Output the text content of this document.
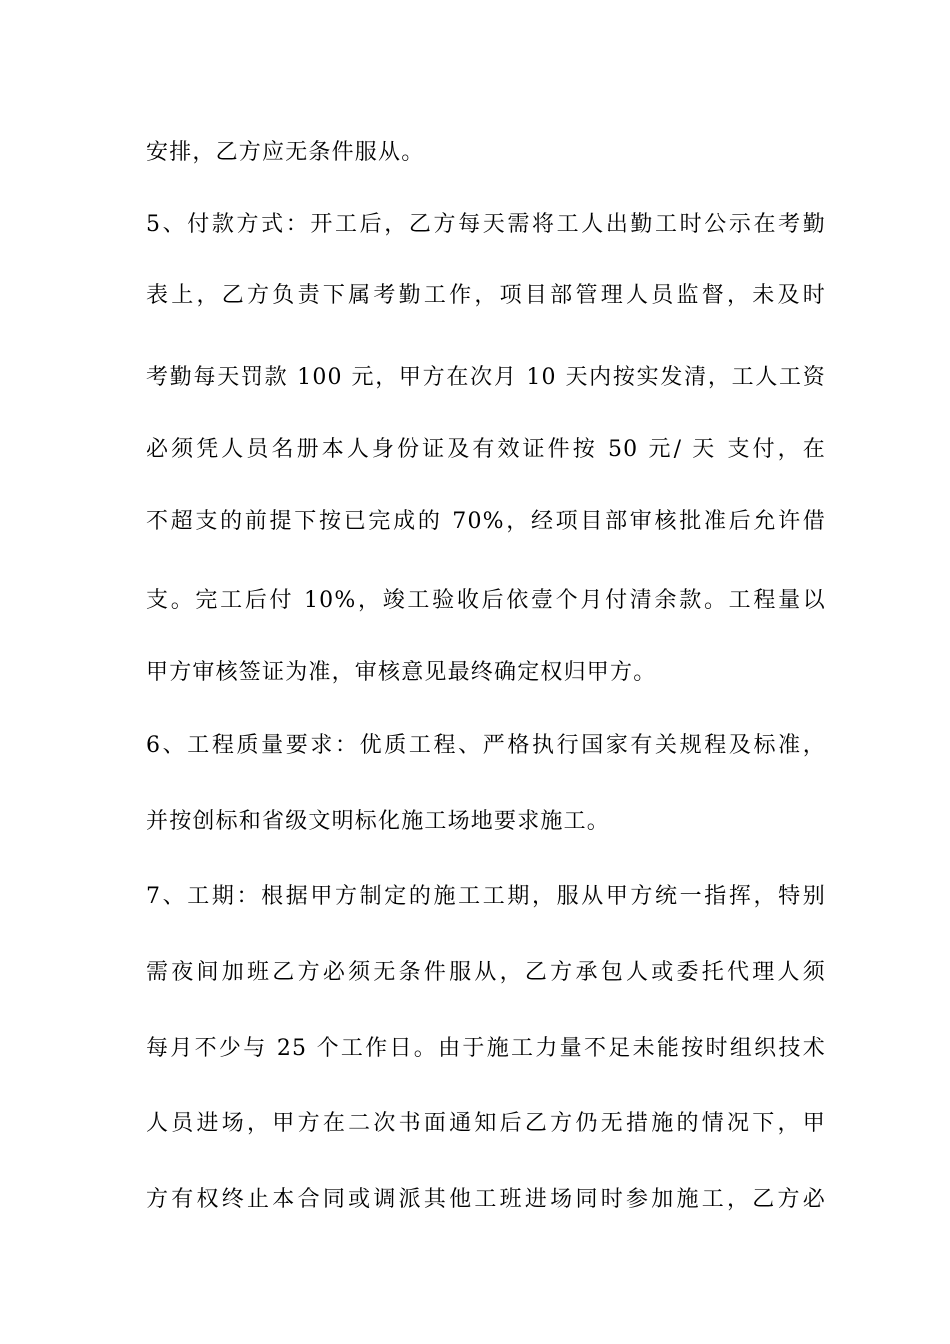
安排，乙方应无条件服从。
5、付款方式：开工后，乙方每天需将工人出勤工时公示在考勤
表上，乙方负责下属考勤工作，项目部管理人员监督，未及时
考勤每天罚款 100 元，甲方在次月 10 天内按实发清，工人工资
必须凭人员名册本人身份证及有效证件按 50 元/ 天 支付，在
不超支的前提下按已完成的 70%，经项目部审核批准后允许借
支。完工后付 10%，竣工验收后依壹个月付清余款。工程量以
甲方审核签证为准，审核意见最终确定权归甲方。
6、工程质量要求：优质工程、严格执行国家有关规程及标准，
并按创标和省级文明标化施工场地要求施工。
7、工期：根据甲方制定的施工工期，服从甲方统一指挥，特别
需夜间加班乙方必须无条件服从，乙方承包人或委托代理人须
每月不少与 25 个工作日。由于施工力量不足未能按时组织技术
人员进场，甲方在二次书面通知后乙方仍无措施的情况下，甲
方有权终止本合同或调派其他工班进场同时参加施工，乙方必
